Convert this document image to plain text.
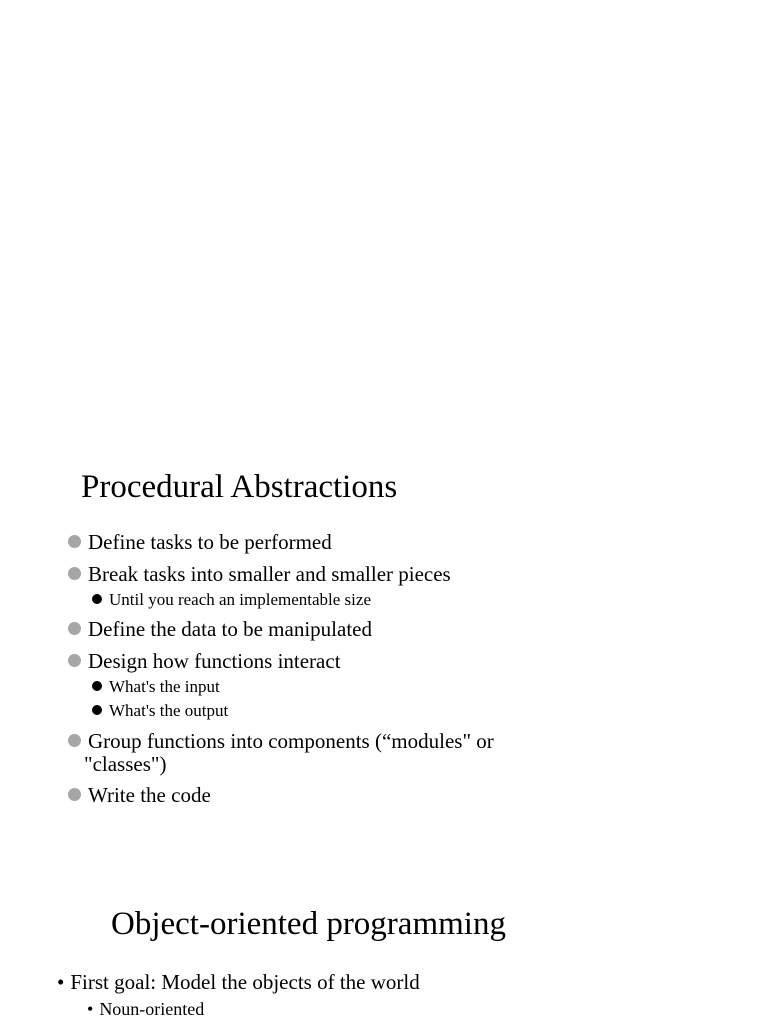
Procedural Abstractions
Define tasks to be performed
Break tasks into smaller and smaller pieces
Until you reach an implementable size
Define the data to be manipulated
Design how functions interact
What's the input
What's the output
Group functions into components (“modules" or "classes")
Write the code
Object-oriented programming
• First goal: Model the objects of the world
• Noun-oriented
